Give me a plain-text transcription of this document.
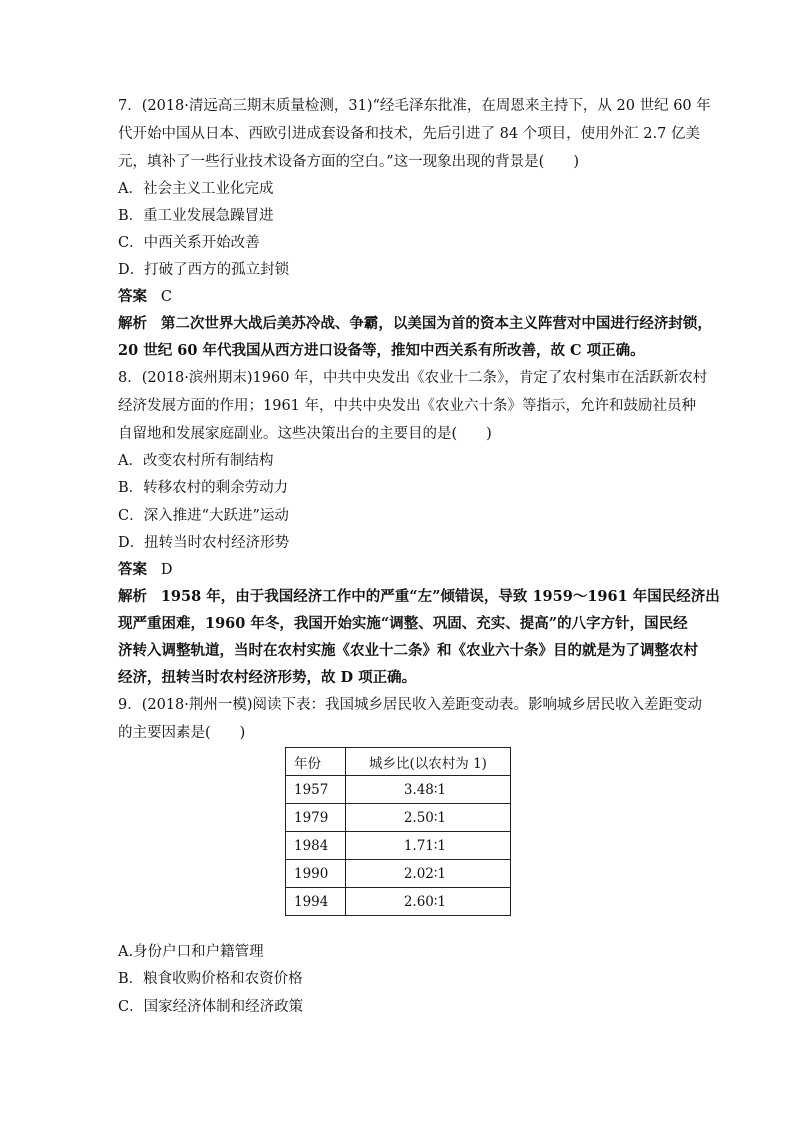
7．(2018·清远高三期末质量检测，31)“经毛泽东批准，在周恩来主持下，从 20 世纪 60 年
代开始中国从日本、西欧引进成套设备和技术，先后引进了 84 个项目，使用外汇 2.7 亿美
元，填补了一些行业技术设备方面的空白。”这一现象出现的背景是(　　)
A．社会主义工业化完成
B．重工业发展急躁冒进
C．中西关系开始改善
D．打破了西方的孤立封锁
答案 C
解析 第二次世界大战后美苏冷战、争霸，以美国为首的资本主义阵营对中国进行经济封锁，
20 世纪 60 年代我国从西方进口设备等，推知中西关系有所改善，故 C 项正确。
8．(2018·滨州期末)1960 年，中共中央发出《农业十二条》，肯定了农村集市在活跃新农村
经济发展方面的作用；1961 年，中共中央发出《农业六十条》等指示，允许和鼓励社员种
自留地和发展家庭副业。这些决策出台的主要目的是(　　)
A．改变农村所有制结构
B．转移农村的剩余劳动力
C．深入推进“大跃进”运动
D．扭转当时农村经济形势
答案 D
解析 1958 年，由于我国经济工作中的严重“左”倾错误，导致 1959～1961 年国民经济出
现严重困难，1960 年冬，我国开始实施“调整、巩固、充实、提高”的八字方针，国民经
济转入调整轨道，当时在农村实施《农业十二条》和《农业六十条》目的就是为了调整农村
经济，扭转当时农村经济形势，故 D 项正确。
9．(2018·荆州一模)阅读下表：我国城乡居民收入差距变动表。影响城乡居民收入差距变动
的主要因素是(　　)
年份	城乡比(以农村为 1)
1957	3.48∶1
1979	2.50∶1
1984	1.71∶1
1990	2.02∶1
1994	2.60∶1
A.身份户口和户籍管理
B．粮食收购价格和农资价格
C．国家经济体制和经济政策
